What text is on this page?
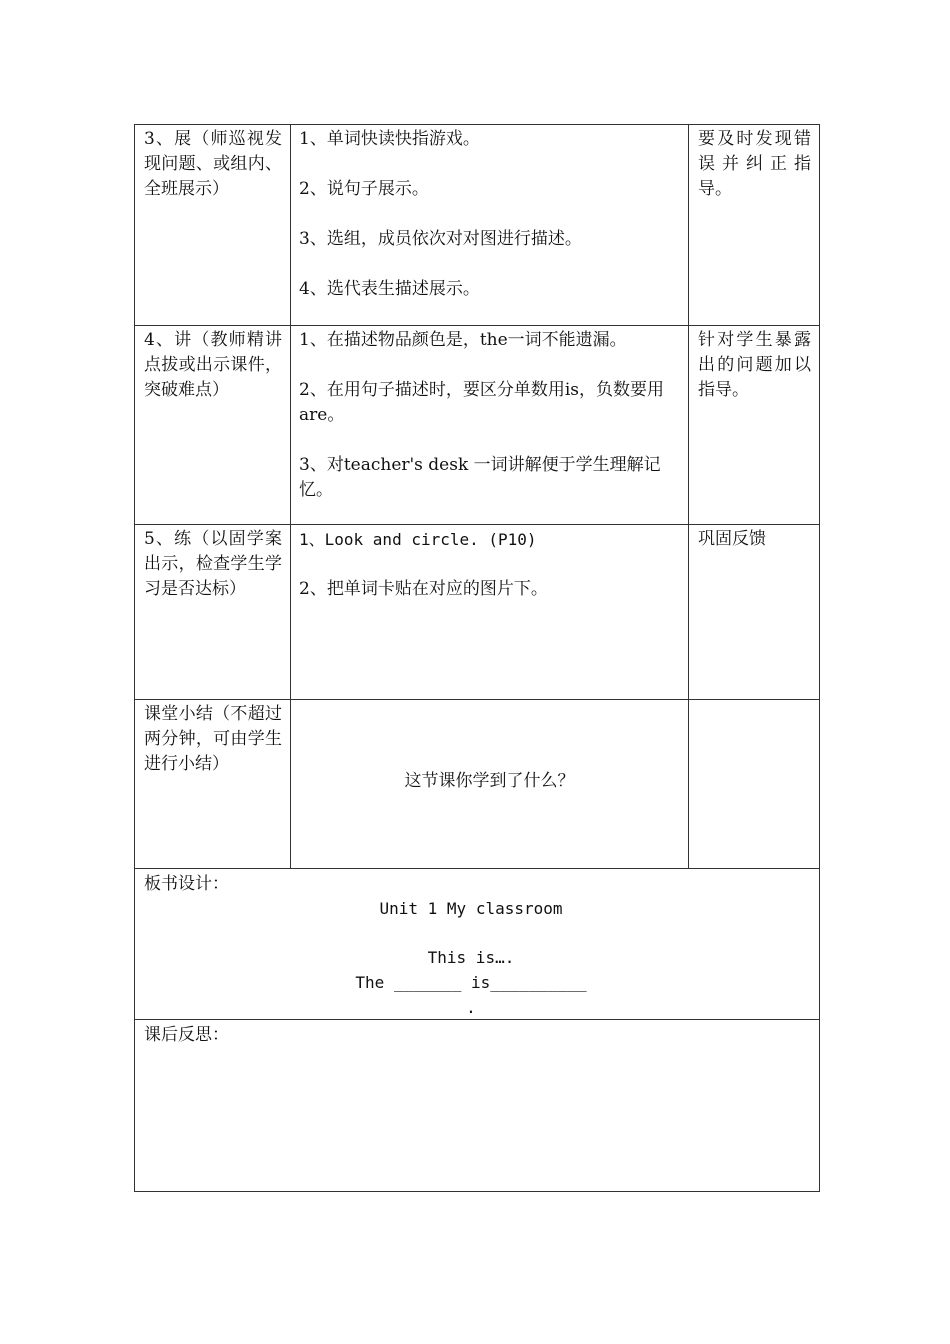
3、展（师巡视发现问题、或组内、全班展示）

1、单词快读快指游戏。

2、说句子展示。

3、选组，成员依次对对图进行描述。

4、选代表生描述展示。

要及时发现错误并纠正指导。
4、讲（教师精讲点拔或出示课件，突破难点）

1、在描述物品颜色是，the一词不能遗漏。

2、在用句子描述时，要区分单数用is，负数要用are。

3、对teacher's desk 一词讲解便于学生理解记忆。

针对学生暴露出的问题加以指导。
5、练（以固学案出示，检查学生学习是否达标）

1、Look and circle. (P10)

2、把单词卡贴在对应的图片下。

巩固反馈
课堂小结（不超过两分钟，可由学生进行小结）
这节课你学到了什么？
板书设计：
Unit 1 My classroom
This is….
The _______ is__________
.
课后反思：
